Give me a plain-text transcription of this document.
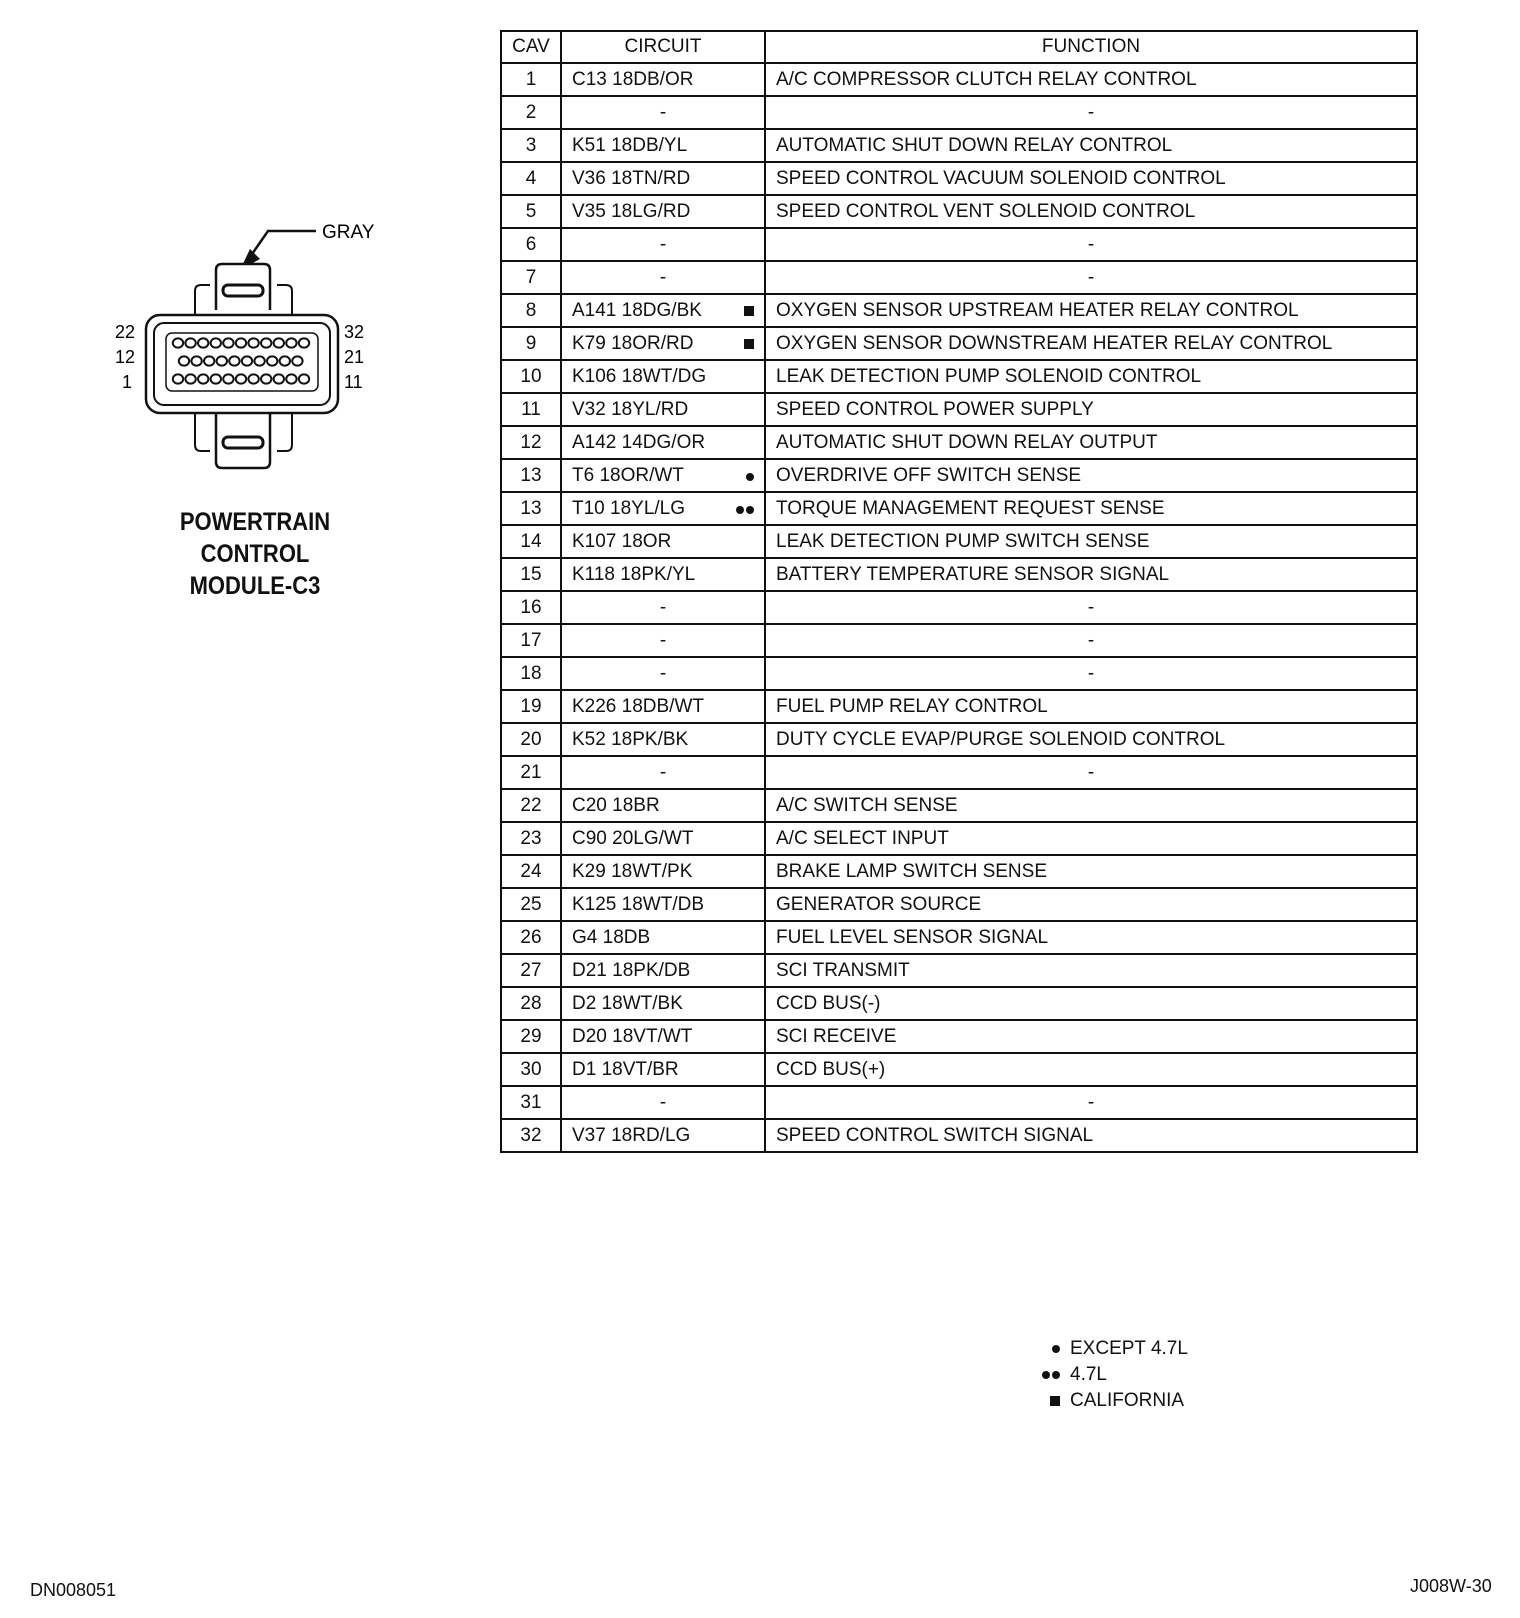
GRAY
22
12
1
32
21
11
POWERTRAIN
CONTROL
MODULE-C3
CAV	CIRCUIT	FUNCTION
1	C13 18DB/OR	A/C COMPRESSOR CLUTCH RELAY CONTROL
2	-	-
3	K51 18DB/YL	AUTOMATIC SHUT DOWN RELAY CONTROL
4	V36 18TN/RD	SPEED CONTROL VACUUM SOLENOID CONTROL
5	V35 18LG/RD	SPEED CONTROL VENT SOLENOID CONTROL
6	-	-
7	-	-
8	A141 18DG/BK	OXYGEN SENSOR UPSTREAM HEATER RELAY CONTROL
9	K79 18OR/RD	OXYGEN SENSOR DOWNSTREAM HEATER RELAY CONTROL
10	K106 18WT/DG	LEAK DETECTION PUMP SOLENOID CONTROL
11	V32 18YL/RD	SPEED CONTROL POWER SUPPLY
12	A142 14DG/OR	AUTOMATIC SHUT DOWN RELAY OUTPUT
13	T6 18OR/WT	OVERDRIVE OFF SWITCH SENSE
13	T10 18YL/LG	TORQUE MANAGEMENT REQUEST SENSE
14	K107 18OR	LEAK DETECTION PUMP SWITCH SENSE
15	K118 18PK/YL	BATTERY TEMPERATURE SENSOR SIGNAL
16	-	-
17	-	-
18	-	-
19	K226 18DB/WT	FUEL PUMP RELAY CONTROL
20	K52 18PK/BK	DUTY CYCLE EVAP/PURGE SOLENOID CONTROL
21	-	-
22	C20 18BR	A/C SWITCH SENSE
23	C90 20LG/WT	A/C SELECT INPUT
24	K29 18WT/PK	BRAKE LAMP SWITCH SENSE
25	K125 18WT/DB	GENERATOR SOURCE
26	G4 18DB	FUEL LEVEL SENSOR SIGNAL
27	D21 18PK/DB	SCI TRANSMIT
28	D2 18WT/BK	CCD BUS(-)
29	D20 18VT/WT	SCI RECEIVE
30	D1 18VT/BR	CCD BUS(+)
31	-	-
32	V37 18RD/LG	SPEED CONTROL SWITCH SIGNAL
EXCEPT 4.7L
4.7L
CALIFORNIA
DN008051	J008W-30
